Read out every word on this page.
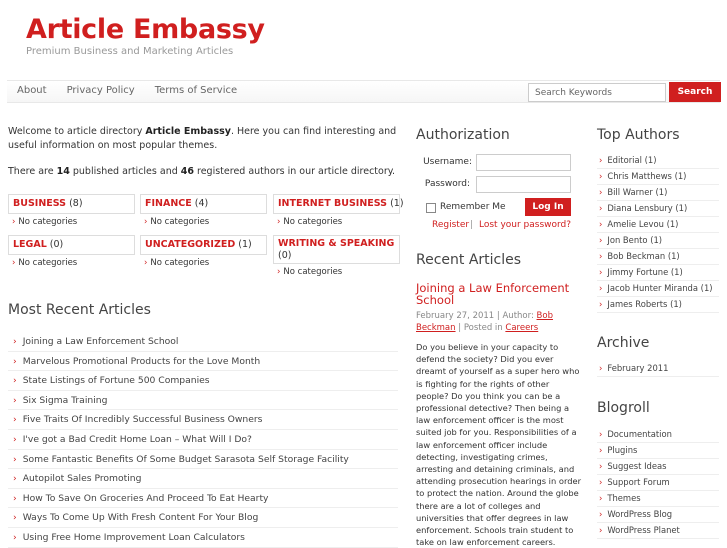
Article Embassy
Premium Business and Marketing Articles
About	Privacy Policy	Terms of Service
Search Keywords	Search

Welcome to article directory Article Embassy. Here you can find interesting and useful information on most popular themes.

There are 14 published articles and 46 registered authors in our article directory.

BUSINESS (8)
› No categories
FINANCE (4)
› No categories
INTERNET BUSINESS (1)
› No categories
LEGAL (0)
› No categories
UNCATEGORIZED (1)
› No categories
WRITING & SPEAKING
(0)
› No categories
Most Recent Articles
› Joining a Law Enforcement School
› Marvelous Promotional Products for the Love Month
› State Listings of Fortune 500 Companies
› Six Sigma Training
› Five Traits Of Incredibly Successful Business Owners
› I've got a Bad Credit Home Loan – What Will I Do?
› Some Fantastic Benefits Of Some Budget Sarasota Self Storage Facility
› Autopilot Sales Promoting
› How To Save On Groceries And Proceed To Eat Hearty
› Ways To Come Up With Fresh Content For Your Blog
› Using Free Home Improvement Loan Calculators
Authorization
Username:
Password:
Remember Me	Log In
Register | Lost your password?
Recent Articles
Joining a Law Enforcement School
February 27, 2011 | Author: Bob Beckman | Posted in Careers
Do you believe in your capacity to defend the society? Did you ever dreamt of yourself as a super hero who is fighting for the rights of other people? Do you think you can be a professional detective? Then being a law enforcement officer is the most suited job for you. Responsibilities of a law enforcement officer include detecting, investigating crimes, arresting and detaining criminals, and attending prosecution hearings in order to protect the nation. Around the globe there are a lot of colleges and universities that offer degrees in law enforcement. Schools train student to take on law enforcement careers.
Top Authors
› Editorial (1)
› Chris Matthews (1)
› Bill Warner (1)
› Diana Lensbury (1)
› Amelie Levou (1)
› Jon Bento (1)
› Bob Beckman (1)
› Jimmy Fortune (1)
› Jacob Hunter Miranda (1)
› James Roberts (1)
Archive
› February 2011
Blogroll
› Documentation
› Plugins
› Suggest Ideas
› Support Forum
› Themes
› WordPress Blog
› WordPress Planet
